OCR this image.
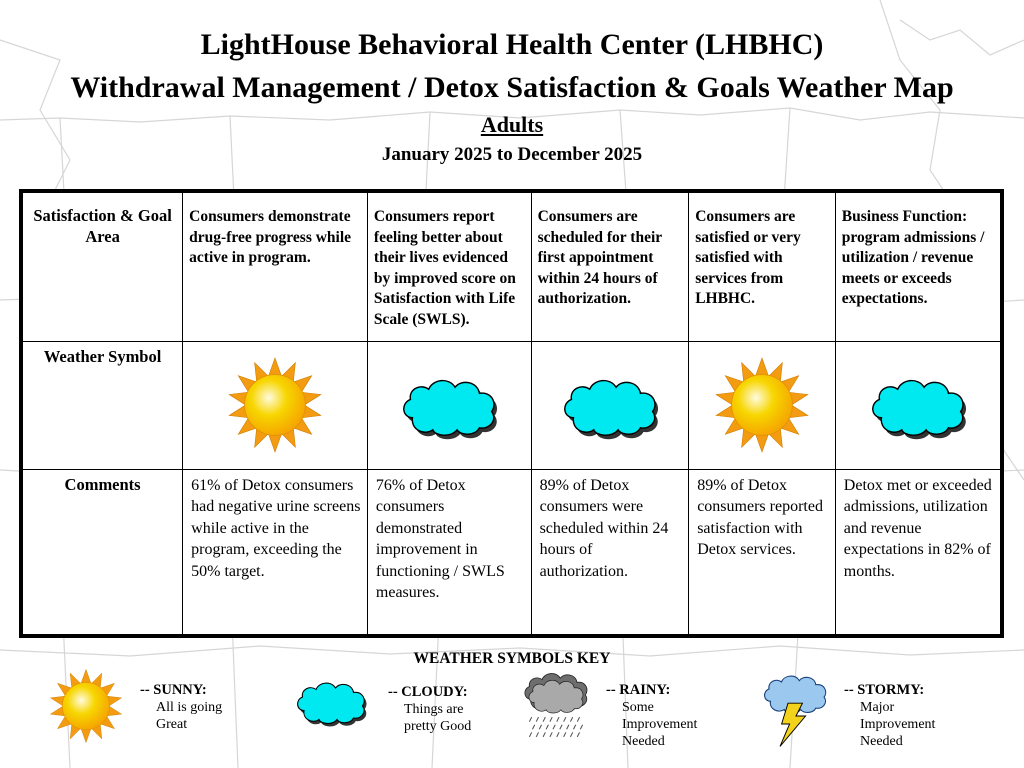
LightHouse Behavioral Health Center (LHBHC)
Withdrawal Management / Detox Satisfaction & Goals Weather Map
Adults
January 2025 to December 2025
Satisfaction & Goal Area	Consumers demonstrate drug-free progress while active in program.	Consumers report feeling better about their lives evidenced by improved score on Satisfaction with Life Scale (SWLS).	Consumers are scheduled for their first appointment within 24 hours of authorization.	Consumers are satisfied or very satisfied with services from LHBHC.	Business Function: program admissions / utilization / revenue meets or exceeds expectations.
Weather Symbol	

Comments	61% of Detox consumers had negative urine screens while active in the program, exceeding the 50% target.	76% of Detox consumers demonstrated improvement in functioning / SWLS measures.	89% of Detox consumers were scheduled within 24 hours of authorization.	89% of Detox consumers reported satisfaction with Detox services.	Detox met or exceeded admissions, utilization and revenue expectations in 82% of months.
WEATHER SYMBOLS KEY
-- SUNNY:
All is going
Great
-- CLOUDY:
Things are
pretty Good
-- RAINY:
Some
Improvement
Needed
-- STORMY:
Major
Improvement
Needed
